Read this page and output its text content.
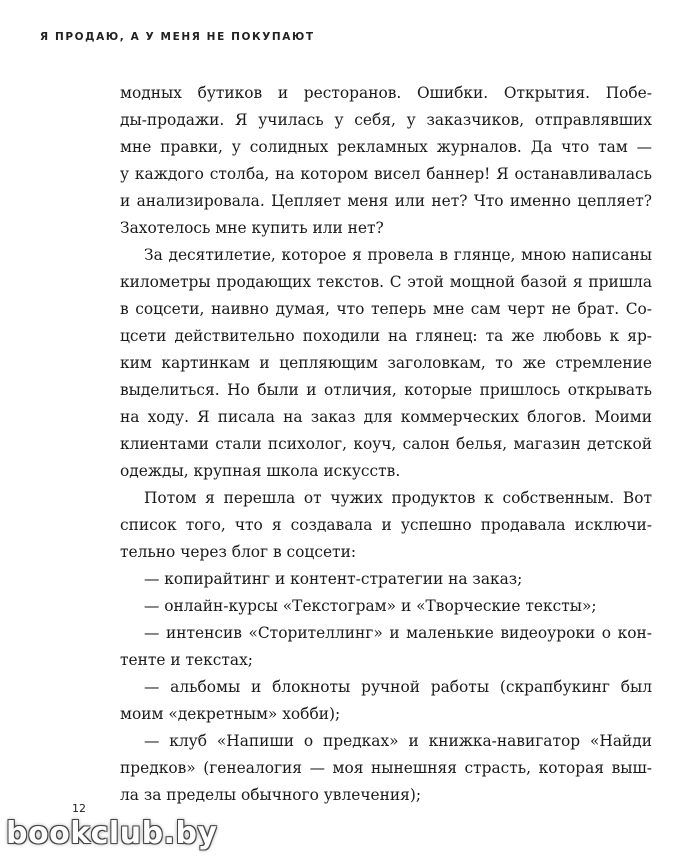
Я ПРОДАЮ, А У МЕНЯ НЕ ПОКУПАЮТ
модных бутиков и ресторанов. Ошибки. Открытия. Побе-
ды-продажи. Я училась у себя, у заказчиков, отправлявших
мне правки, у солидных рекламных журналов. Да что там —
у каждого столба, на котором висел баннер! Я останавливалась
и анализировала. Цепляет меня или нет? Что именно цепляет?
Захотелось мне купить или нет?
За десятилетие, которое я провела в глянце, мною написаны
километры продающих текстов. С этой мощной базой я пришла
в соцсети, наивно думая, что теперь мне сам черт не брат. Со-
цсети действительно походили на глянец: та же любовь к яр-
ким картинкам и цепляющим заголовкам, то же стремление
выделиться. Но были и отличия, которые пришлось открывать
на ходу. Я писала на заказ для коммерческих блогов. Моими
клиентами стали психолог, коуч, салон белья, магазин детской
одежды, крупная школа искусств.
Потом я перешла от чужих продуктов к собственным. Вот
список того, что я создавала и успешно продавала исключи-
тельно через блог в соцсети:
— копирайтинг и контент-стратегии на заказ;
— онлайн-курсы «Текстограм» и «Творческие тексты»;
— интенсив «Сторителлинг» и маленькие видеоуроки о кон-
тенте и текстах;
— альбомы и блокноты ручной работы (скрапбукинг был
моим «декретным» хобби);
— клуб «Напиши о предках» и книжка-навигатор «Найди
предков» (генеалогия — моя нынешняя страсть, которая выш-
ла за пределы обычного увлечения);
12
bookclub.by
